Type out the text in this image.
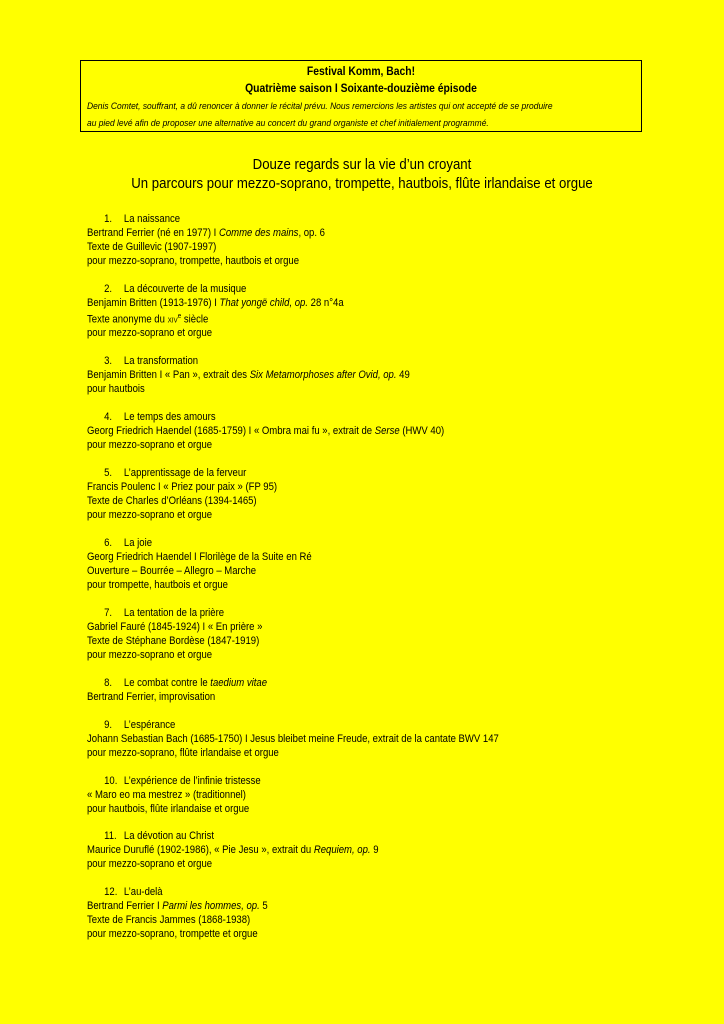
Festival Komm, Bach!
Quatrième saison I Soixante-douzième épisode
Denis Comtet, souffrant, a dû renoncer à donner le récital prévu. Nous remercions les artistes qui ont accepté de se produire
au pied levé afin de proposer une alternative au concert du grand organiste et chef initialement programmé.
Douze regards sur la vie d’un croyant
Un parcours pour mezzo-soprano, trompette, hautbois, flûte irlandaise et orgue
1. La naissance
Bertrand Ferrier (né en 1977) I Comme des mains, op. 6
Texte de Guillevic (1907-1997)
pour mezzo-soprano, trompette, hautbois et orgue
2. La découverte de la musique
Benjamin Britten (1913-1976) I That yongë child, op. 28 n°4a
Texte anonyme du xiv$^e$ siècle
pour mezzo-soprano et orgue
3. La transformation
Benjamin Britten I « Pan », extrait des Six Metamorphoses after Ovid, op. 49
pour hautbois
4. Le temps des amours
Georg Friedrich Haendel (1685-1759) I « Ombra mai fu », extrait de Serse (HWV 40)
pour mezzo-soprano et orgue
5. L’apprentissage de la ferveur
Francis Poulenc I « Priez pour paix » (FP 95)
Texte de Charles d’Orléans (1394-1465)
pour mezzo-soprano et orgue
6. La joie
Georg Friedrich Haendel I Florilège de la Suite en Ré
Ouverture – Bourrée – Allegro – Marche
pour trompette, hautbois et orgue
7. La tentation de la prière
Gabriel Fauré (1845-1924) I « En prière »
Texte de Stéphane Bordèse (1847-1919)
pour mezzo-soprano et orgue
8. Le combat contre le taedium vitae
Bertrand Ferrier, improvisation
9. L’espérance
Johann Sebastian Bach (1685-1750) I Jesus bleibet meine Freude, extrait de la cantate BWV 147
pour mezzo-soprano, flûte irlandaise et orgue
10. L’expérience de l’infinie tristesse
« Maro eo ma mestrez » (traditionnel)
pour hautbois, flûte irlandaise et orgue
11. La dévotion au Christ
Maurice Duruflé (1902-1986), « Pie Jesu », extrait du Requiem, op. 9
pour mezzo-soprano et orgue
12. L’au-delà
Bertrand Ferrier I Parmi les hommes, op. 5
Texte de Francis Jammes (1868-1938)
pour mezzo-soprano, trompette et orgue
